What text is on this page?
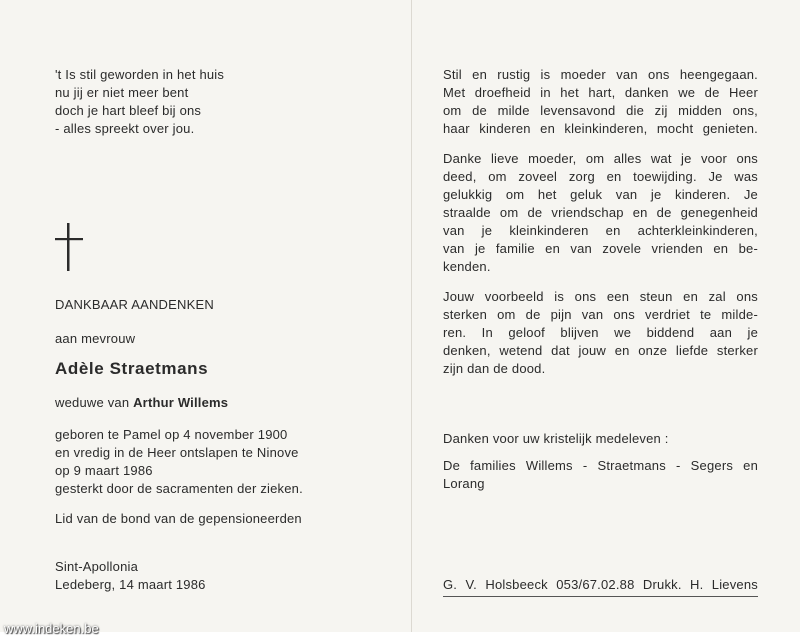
't Is stil geworden in het huis
nu jij er niet meer bent
doch je hart bleef bij ons
- alles spreekt over jou.
DANKBAAR AANDENKEN
aan mevrouw
Adèle Straetmans
weduwe van Arthur Willems
geboren te Pamel op 4 november 1900
en vredig in de Heer ontslapen te Ninove
op 9 maart 1986
gesterkt door de sacramenten der zieken.
Lid van de bond van de gepensioneerden
Sint-Apollonia
Ledeberg, 14 maart 1986
Stil en rustig is moeder van ons heengegaan.
Met droefheid in het hart, danken we de Heer
om de milde levensavond die zij midden ons,
haar kinderen en kleinkinderen, mocht genieten.
Danke lieve moeder, om alles wat je voor ons
deed, om zoveel zorg en toewijding. Je was
gelukkig om het geluk van je kinderen. Je
straalde om de vriendschap en de genegenheid
van je kleinkinderen en achterkleinkinderen,
van je familie en van zovele vrienden en be-
kenden.
Jouw voorbeeld is ons een steun en zal ons
sterken om de pijn van ons verdriet te milde-
ren. In geloof blijven we biddend aan je
denken, wetend dat jouw en onze liefde sterker
zijn dan de dood.
Danken voor uw kristelijk medeleven :
De families Willems - Straetmans - Segers en
Lorang
G. V. Holsbeeck 053/67.02.88 Drukk. H. Lievens
www.indeken.be
